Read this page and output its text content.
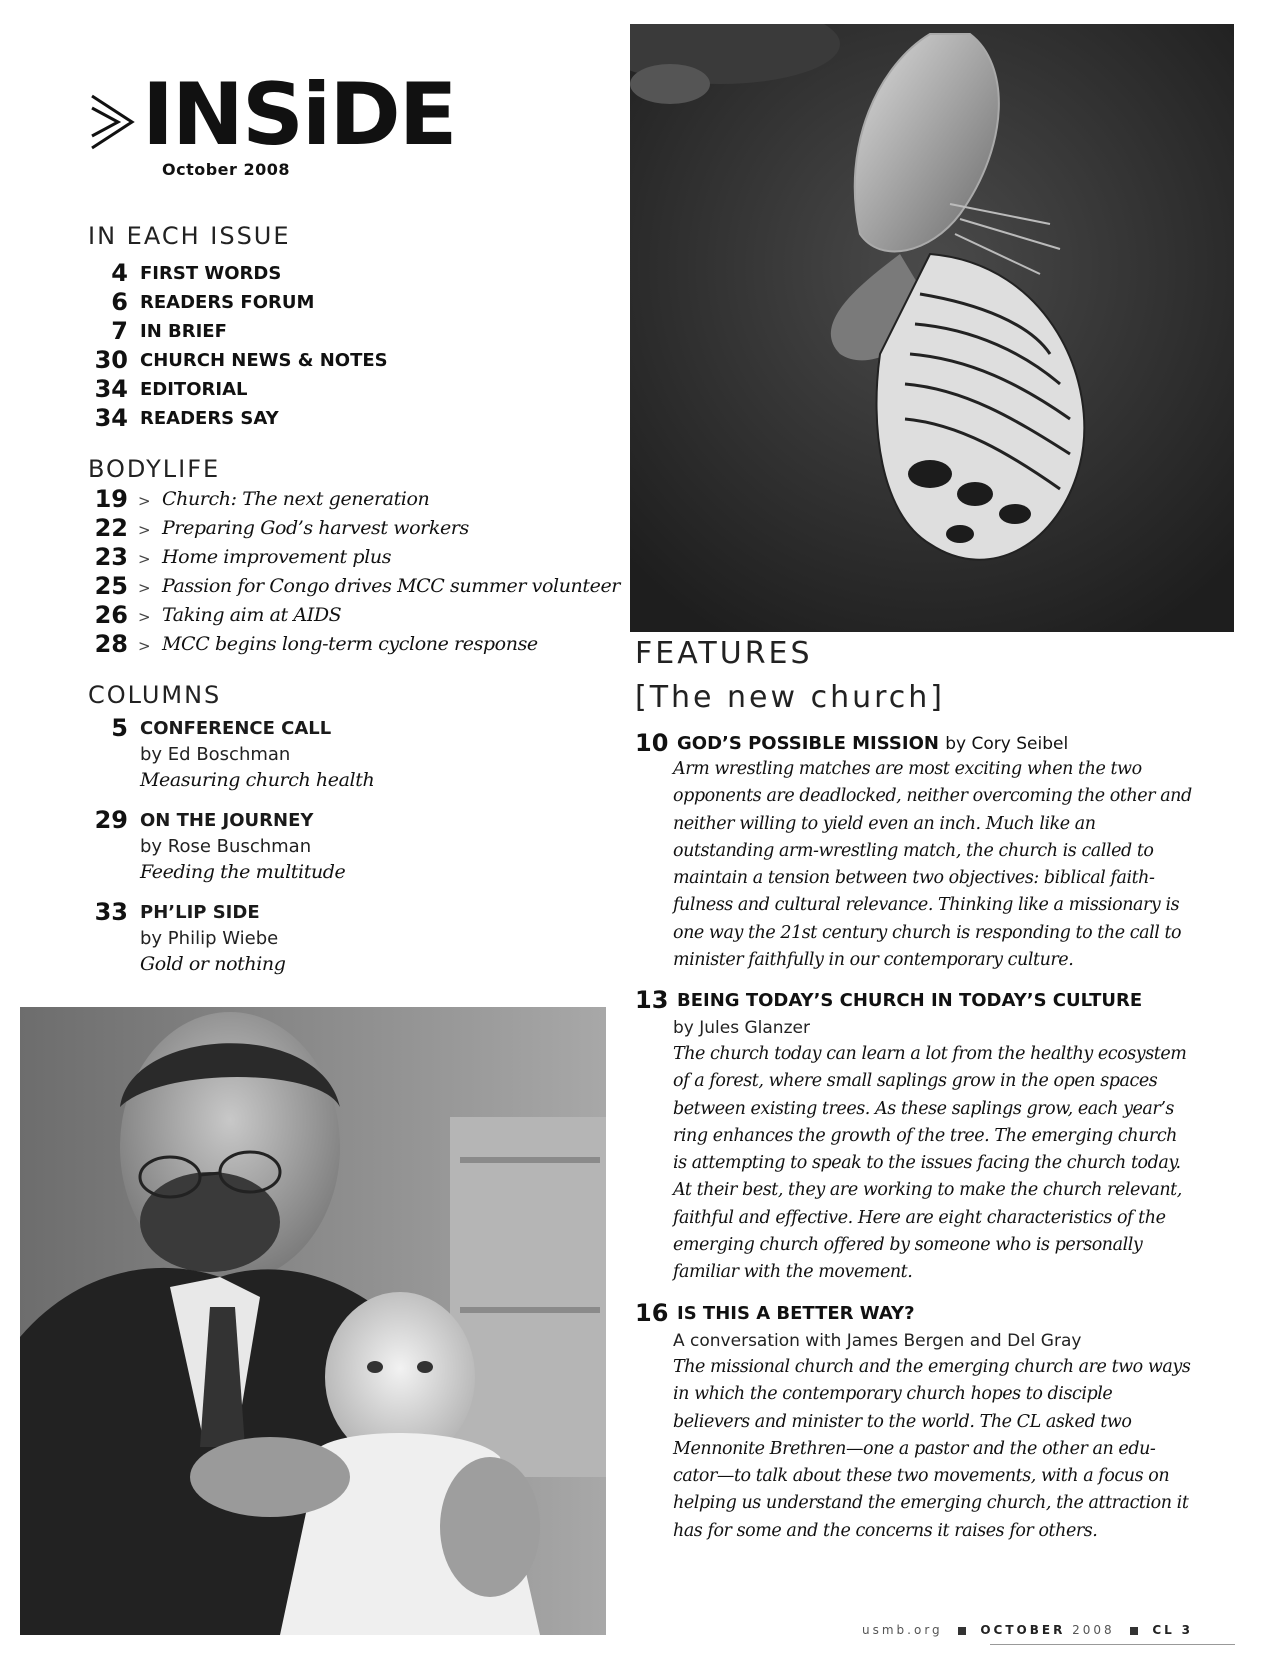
INSiDE
October 2008
IN EACH ISSUE
4 FIRST WORDS
6 READERS FORUM
7 IN BRIEF
30 CHURCH NEWS & NOTES
34 EDITORIAL
34 READERS SAY
BODYLIFE
19 > Church: The next generation
22 > Preparing God’s harvest workers
23 > Home improvement plus
25 > Passion for Congo drives MCC summer volunteer
26 > Taking aim at AIDS
28 > MCC begins long-term cyclone response
COLUMNS
5 CONFERENCE CALL
by Ed Boschman
Measuring church health
29 ON THE JOURNEY
by Rose Buschman
Feeding the multitude
33 PH’LIP SIDE
by Philip Wiebe
Gold or nothing
FEATURES
[The new church]
10 GOD’S POSSIBLE MISSION by Cory Seibel
Arm wrestling matches are most exciting when the two opponents are deadlocked, neither overcoming the other and neither willing to yield even an inch. Much like an outstanding arm-wrestling match, the church is called to maintain a tension between two objectives: biblical faithfulness and cultural relevance. Thinking like a missionary is one way the 21st century church is responding to the call to minister faithfully in our contemporary culture.
13 BEING TODAY’S CHURCH IN TODAY’S CULTURE
by Jules Glanzer
The church today can learn a lot from the healthy ecosystem of a forest, where small saplings grow in the open spaces between existing trees. As these saplings grow, each year’s ring enhances the growth of the tree. The emerging church is attempting to speak to the issues facing the church today. At their best, they are working to make the church relevant, faithful and effective. Here are eight characteristics of the emerging church offered by someone who is personally familiar with the movement.
16 IS THIS A BETTER WAY?
A conversation with James Bergen and Del Gray
The missional church and the emerging church are two ways in which the contemporary church hopes to disciple believers and minister to the world. The CL asked two Mennonite Brethren—one a pastor and the other an educator—to talk about these two movements, with a focus on helping us understand the emerging church, the attraction it has for some and the concerns it raises for others.
usmb.org	OCTOBER 2008	CL 3
